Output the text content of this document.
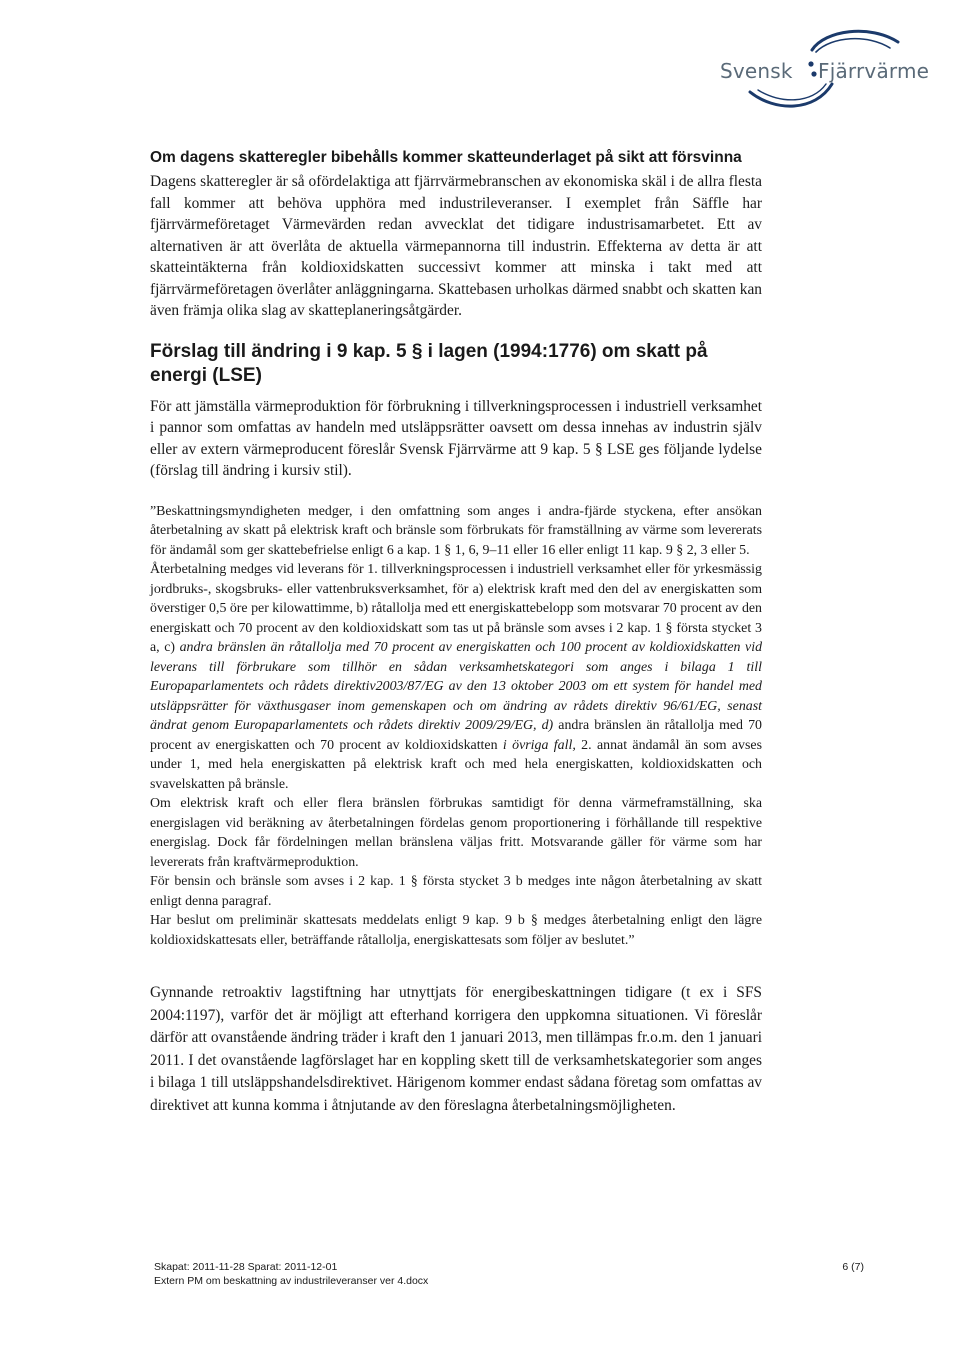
Svensk Fjärrvärme
Om dagens skatteregler bibehålls kommer skatteunderlaget på sikt att försvinna

Dagens skatteregler är så ofördelaktiga att fjärrvärmebranschen av ekonomiska skäl i de allra flesta fall kommer att behöva upphöra med industrileveranser. I exemplet från Säffle har fjärrvärmeföretaget Värmevärden redan avvecklat det tidigare industrisamarbetet. Ett av alternativen är att överlåta de aktuella värmepannorna till industrin. Effekterna av detta är att skatteintäkterna från koldioxidskatten successivt kommer att minska i takt med att fjärrvärmeföretagen överlåter anläggningarna. Skattebasen urholkas därmed snabbt och skatten kan även främja olika slag av skatteplaneringsåtgärder.

Förslag till ändring i 9 kap. 5 § i lagen (1994:1776) om skatt på energi (LSE)

För att jämställa värmeproduktion för förbrukning i tillverkningsprocessen i industriell verksamhet i pannor som omfattas av handeln med utsläppsrätter oavsett om dessa innehas av industrin själv eller av extern värmeproducent föreslår Svensk Fjärrvärme att 9 kap. 5 § LSE ges följande lydelse (förslag till ändring i kursiv stil).

”Beskattningsmyndigheten medger, i den omfattning som anges i andra-fjärde styckena, efter ansökan återbetalning av skatt på elektrisk kraft och bränsle som förbrukats för framställning av värme som levererats för ändamål som ger skattebefrielse enligt 6 a kap. 1 § 1, 6, 9–11 eller 16 eller enligt 11 kap. 9 § 2, 3 eller 5.

Återbetalning medges vid leverans för 1. tillverkningsprocessen i industriell verksamhet eller för yrkesmässig jordbruks-, skogsbruks- eller vattenbruksverksamhet, för a) elektrisk kraft med den del av energiskatten som överstiger 0,5 öre per kilowattimme, b) råtallolja med ett energiskattebelopp som motsvarar 70 procent av den energiskatt och 70 procent av den koldioxidskatt som tas ut på bränsle som avses i 2 kap. 1 § första stycket 3 a, c) andra bränslen än råtallolja med 70 procent av energiskatten och 100 procent av koldioxidskatten vid leverans till förbrukare som tillhör en sådan verksamhetskategori som anges i bilaga 1 till Europaparlamentets och rådets direktiv2003/87/EG av den 13 oktober 2003 om ett system för handel med utsläppsrätter för växthusgaser inom gemenskapen och om ändring av rådets direktiv 96/61/EG, senast ändrat genom Europaparlamentets och rådets direktiv 2009/29/EG, d) andra bränslen än råtallolja med 70 procent av energiskatten och 70 procent av koldioxidskatten i övriga fall, 2. annat ändamål än som avses under 1, med hela energiskatten på elektrisk kraft och med hela energiskatten, koldioxidskatten och svavelskatten på bränsle.

Om elektrisk kraft och eller flera bränslen förbrukas samtidigt för denna värmeframställning, ska energislagen vid beräkning av återbetalningen fördelas genom proportionering i förhållande till respektive energislag. Dock får fördelningen mellan bränslena väljas fritt. Motsvarande gäller för värme som har levererats från kraftvärmeproduktion.

För bensin och bränsle som avses i 2 kap. 1 § första stycket 3 b medges inte någon återbetalning av skatt enligt denna paragraf.

Har beslut om preliminär skattesats meddelats enligt 9 kap. 9 b § medges återbetalning enligt den lägre koldioxidskattesats eller, beträffande råtallolja, energiskattesats som följer av beslutet.”

Gynnande retroaktiv lagstiftning har utnyttjats för energibeskattningen tidigare (t ex i SFS 2004:1197), varför det är möjligt att efterhand korrigera den uppkomna situationen. Vi föreslår därför att ovanstående ändring träder i kraft den 1 januari 2013, men tillämpas fr.o.m. den 1 januari 2011. I det ovanstående lagförslaget har en koppling skett till de verksamhetskategorier som anges i bilaga 1 till utsläppshandelsdirektivet. Härigenom kommer endast sådana företag som omfattas av direktivet att kunna komma i åtnjutande av den föreslagna återbetalningsmöjligheten.

Skapat: 2011-11-28 Sparat: 2011-12-01
Extern PM om beskattning av industrileveranser ver 4.docx
6 (7)
